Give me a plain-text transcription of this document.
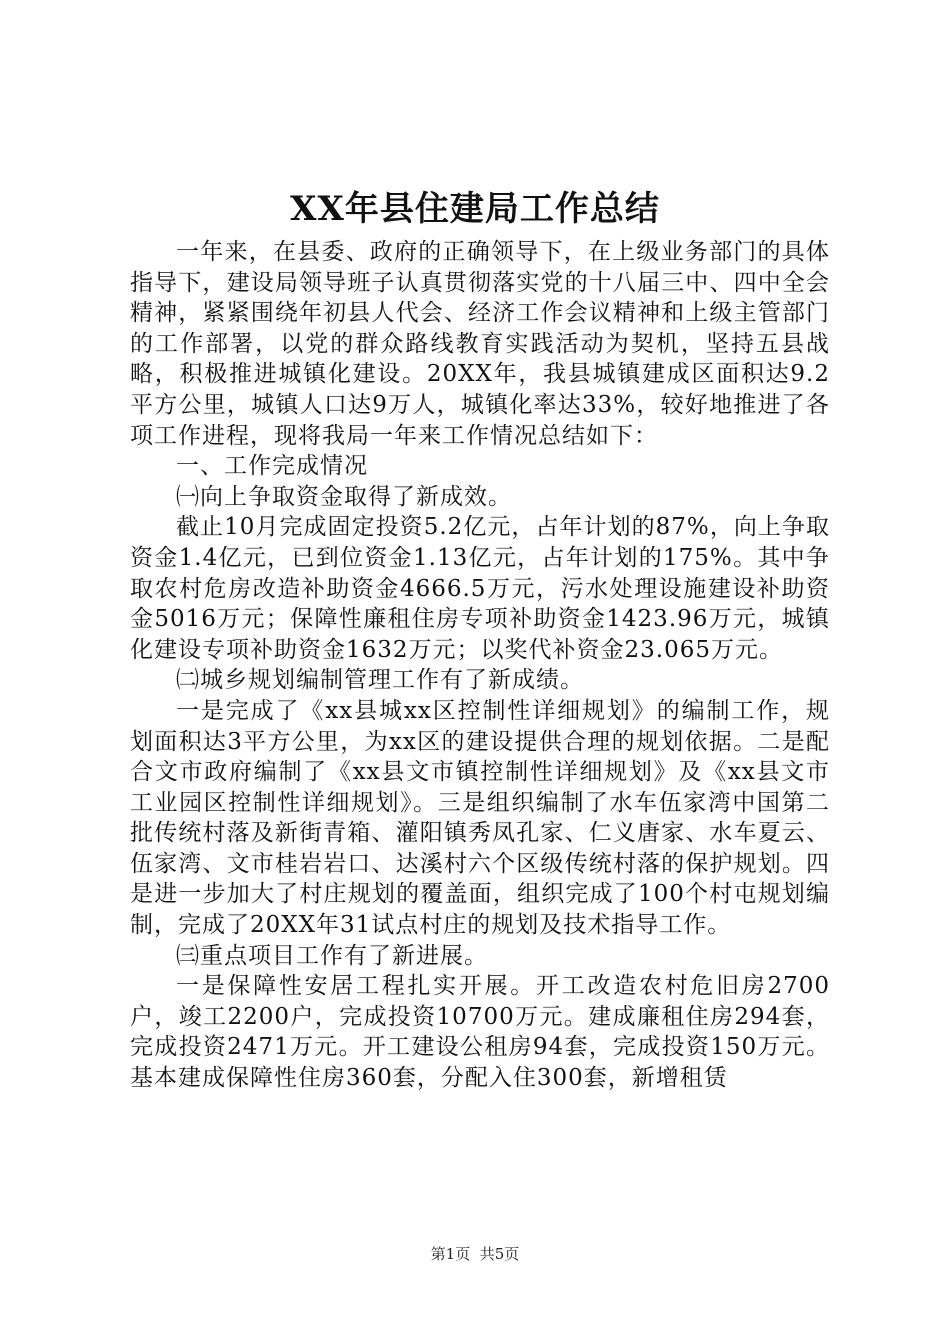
XX年县住建局工作总结

一年来，在县委、政府的正确领导下，在上级业务部门的具体指导下，建设局领导班子认真贯彻落实党的十八届三中、四中全会精神，紧紧围绕年初县人代会、经济工作会议精神和上级主管部门的工作部署，以党的群众路线教育实践活动为契机，坚持五县战略，积极推进城镇化建设。20XX年，我县城镇建成区面积达9.2平方公里，城镇人口达9万人，城镇化率达33%，较好地推进了各项工作进程，现将我局一年来工作情况总结如下：

一、工作完成情况

㈠向上争取资金取得了新成效。

截止10月完成固定投资5.2亿元，占年计划的87%，向上争取资金1.4亿元，已到位资金1.13亿元，占年计划的175%。其中争取农村危房改造补助资金4666.5万元，污水处理设施建设补助资金5016万元；保障性廉租住房专项补助资金1423.96万元，城镇化建设专项补助资金1632万元；以奖代补资金23.065万元。

㈡城乡规划编制管理工作有了新成绩。

一是完成了《xx县城xx区控制性详细规划》的编制工作，规划面积达3平方公里，为xx区的建设提供合理的规划依据。二是配合文市政府编制了《xx县文市镇控制性详细规划》及《xx县文市工业园区控制性详细规划》。三是组织编制了水车伍家湾中国第二批传统村落及新街青箱、灌阳镇秀凤孔家、仁义唐家、水车夏云、伍家湾、文市桂岩岩口、达溪村六个区级传统村落的保护规划。四是进一步加大了村庄规划的覆盖面，组织完成了100个村屯规划编制，完成了20XX年31试点村庄的规划及技术指导工作。

㈢重点项目工作有了新进展。

一是保障性安居工程扎实开展。开工改造农村危旧房2700户，竣工2200户，完成投资10700万元。建成廉租住房294套，完成投资2471万元。开工建设公租房94套，完成投资150万元。基本建成保障性住房360套，分配入住300套，新增租赁

第1页 共5页
